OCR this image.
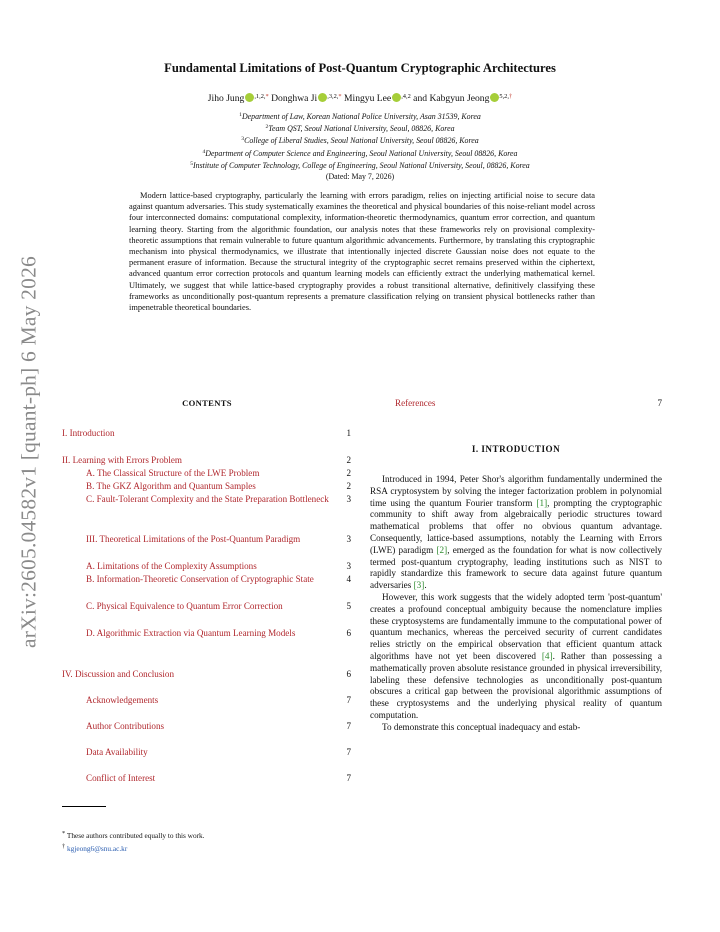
arXiv:2605.04582v1 [quant-ph] 6 May 2026
Fundamental Limitations of Post-Quantum Cryptographic Architectures
Jiho Jung $^{,1,2,*}$ Donghwa Ji $^{,3,2,*}$ Mingyu Lee $^{,4,2}$ and Kabgyun Jeong $^{5,2,\dagger}$
$^1$Department of Law, Korean National Police University, Asan 31539, Korea
$^2$Team QST, Seoul National University, Seoul, 08826, Korea
$^3$College of Liberal Studies, Seoul National University, Seoul 08826, Korea
$^4$Department of Computer Science and Engineering, Seoul National University, Seoul 08826, Korea
$^5$Institute of Computer Technology, College of Engineering, Seoul National University, Seoul, 08826, Korea
(Dated: May 7, 2026)
Modern lattice-based cryptography, particularly the learning with errors paradigm, relies on injecting artificial noise to secure data against quantum adversaries. This study systematically examines the theoretical and physical boundaries of this noise-reliant model across four interconnected domains: computational complexity, information-theoretic thermodynamics, quantum error correction, and quantum learning theory. Starting from the algorithmic foundation, our analysis notes that these frameworks rely on provisional complexity-theoretic assumptions that remain vulnerable to future quantum algorithmic advancements. Furthermore, by translating this cryptographic mechanism into physical thermodynamics, we illustrate that intentionally injected discrete Gaussian noise does not equate to the permanent erasure of information. Because the structural integrity of the cryptographic secret remains preserved within the ciphertext, advanced quantum error correction protocols and quantum learning models can efficiently extract the underlying mathematical kernel. Ultimately, we suggest that while lattice-based cryptography provides a robust transitional alternative, definitively classifying these frameworks as unconditionally post-quantum represents a premature classification relying on transient physical bottlenecks rather than impenetrable theoretical boundaries.
CONTENTS
I. Introduction	1
II. Learning with Errors Problem	2
A. The Classical Structure of the LWE Problem	2
B. The GKZ Algorithm and Quantum Samples	2
C. Fault-Tolerant Complexity and the State Preparation Bottleneck	3
III. Theoretical Limitations of the Post-Quantum Paradigm	3
A. Limitations of the Complexity Assumptions	3
B. Information-Theoretic Conservation of Cryptographic State	4
C. Physical Equivalence to Quantum Error Correction	5
D. Algorithmic Extraction via Quantum Learning Models	6
IV. Discussion and Conclusion	6
Acknowledgements	7
Author Contributions	7
Data Availability	7
Conflict of Interest	7
References	7
I. INTRODUCTION

Introduced in 1994, Peter Shor's algorithm fundamentally undermined the RSA cryptosystem by solving the integer factorization problem in polynomial time using the quantum Fourier transform [1], prompting the cryptographic community to shift away from algebraically periodic structures toward mathematical problems that offer no obvious quantum advantage. Consequently, lattice-based assumptions, notably the Learning with Errors (LWE) paradigm [2], emerged as the foundation for what is now collectively termed post-quantum cryptography, leading institutions such as NIST to rapidly standardize this framework to secure data against future quantum adversaries [3].

However, this work suggests that the widely adopted term 'post-quantum' creates a profound conceptual ambiguity because the nomenclature implies these cryptosystems are fundamentally immune to the computational power of quantum mechanics, whereas the perceived security of current candidates relies strictly on the empirical observation that efficient quantum attack algorithms have not yet been discovered [4]. Rather than possessing a mathematically proven absolute resistance grounded in physical irreversibility, labeling these defensive technologies as unconditionally post-quantum obscures a critical gap between the provisional algorithmic assumptions of these cryptosystems and the underlying physical reality of quantum computation.

To demonstrate this conceptual inadequacy and estab-

* These authors contributed equally to this work.
† kgjeong6@snu.ac.kr
